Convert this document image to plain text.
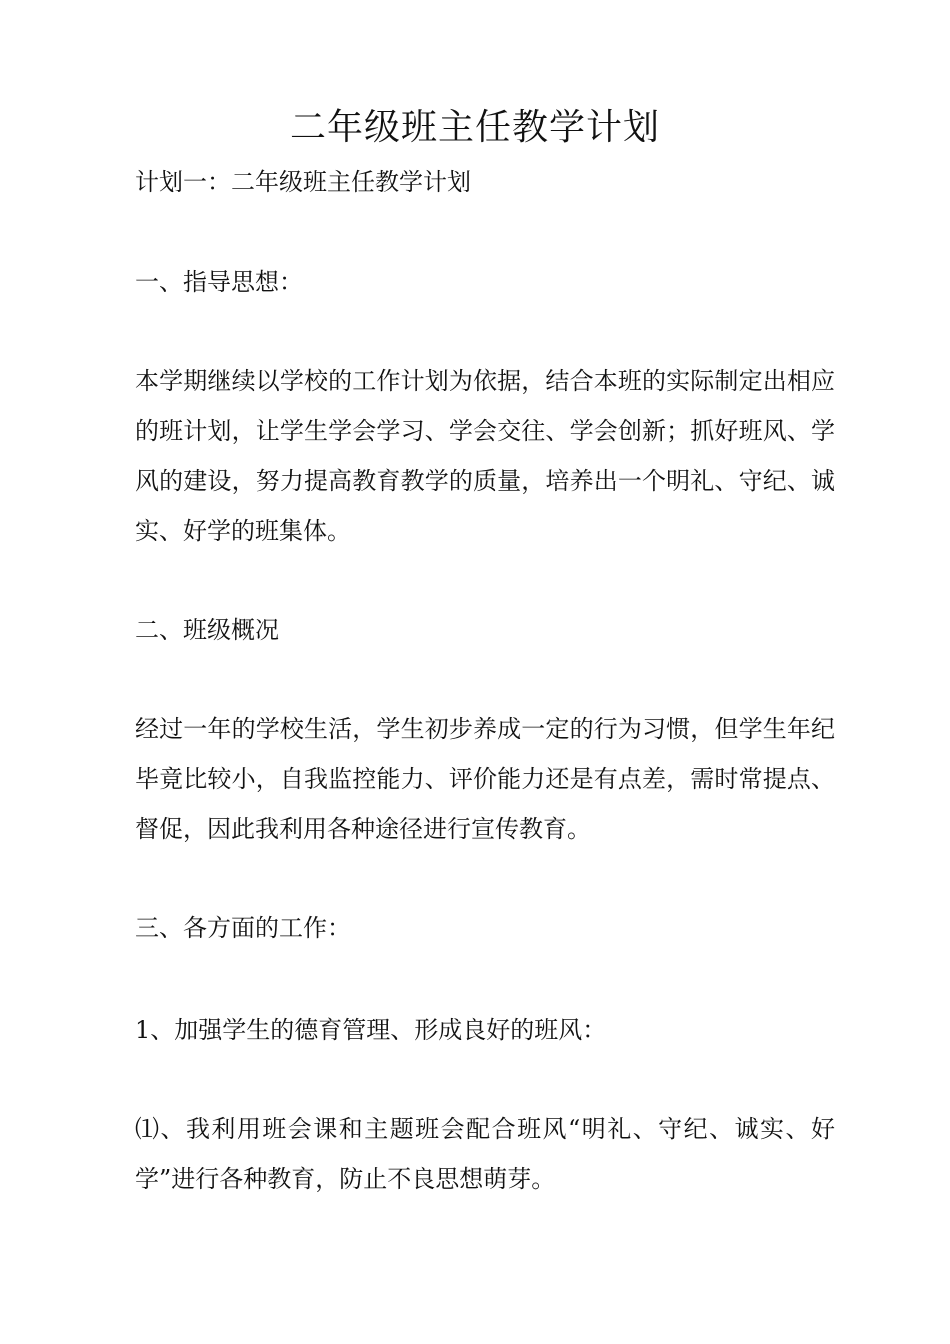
二年级班主任教学计划

计划一：二年级班主任教学计划

一、指导思想：

本学期继续以学校的工作计划为依据，结合本班的实际制定出相应的班计划，让学生学会学习、学会交往、学会创新；抓好班风、学风的建设，努力提高教育教学的质量，培养出一个明礼、守纪、诚实、好学的班集体。

二、班级概况

经过一年的学校生活，学生初步养成一定的行为习惯，但学生年纪毕竟比较小，自我监控能力、评价能力还是有点差，需时常提点、督促，因此我利用各种途径进行宣传教育。

三、各方面的工作：

1、加强学生的德育管理、形成良好的班风：

⑴、我利用班会课和主题班会配合班风“明礼、守纪、诚实、好学”进行各种教育，防止不良思想萌芽。
